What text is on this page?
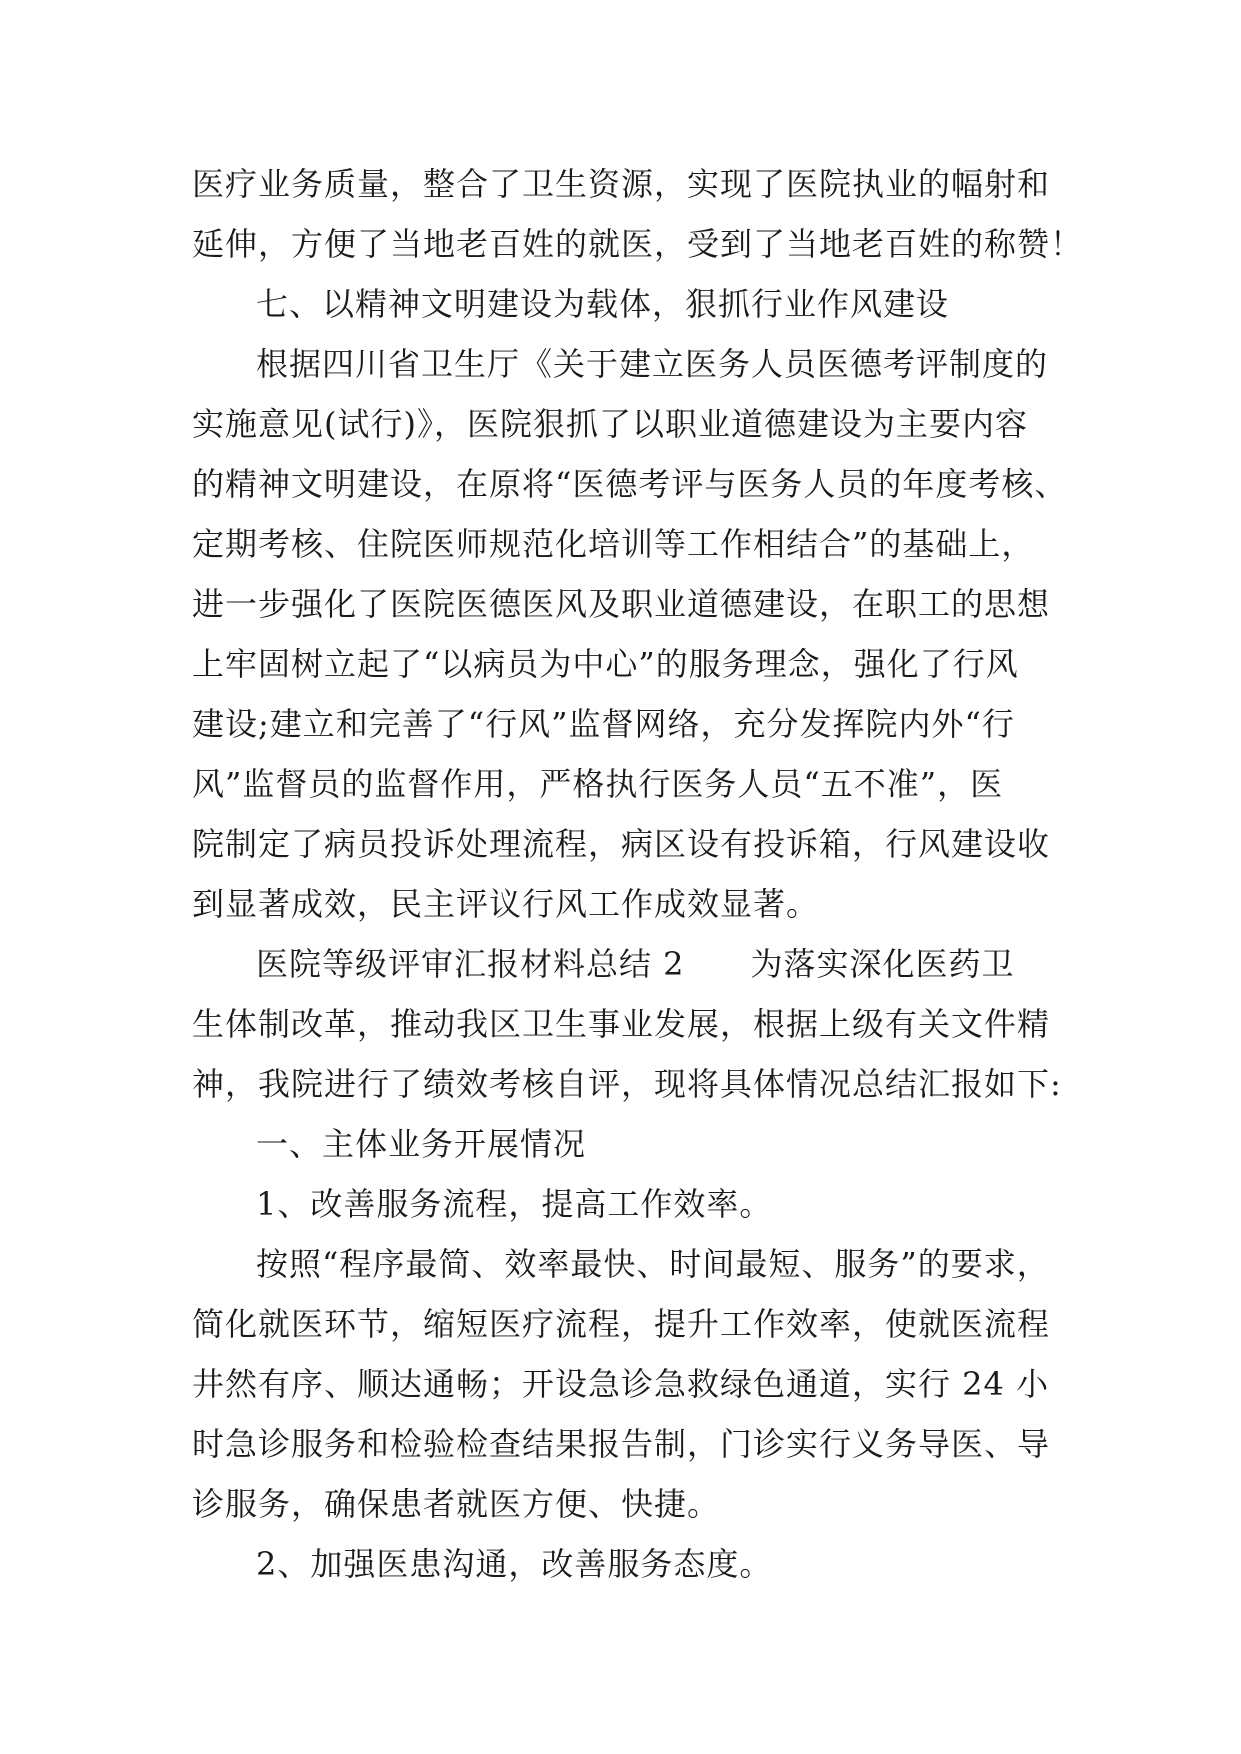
医疗业务质量，整合了卫生资源，实现了医院执业的幅射和
延伸，方便了当地老百姓的就医，受到了当地老百姓的称赞！
七、以精神文明建设为载体，狠抓行业作风建设
根据四川省卫生厅《关于建立医务人员医德考评制度的
实施意见(试行)》，医院狠抓了以职业道德建设为主要内容
的精神文明建设，在原将“医德考评与医务人员的年度考核、
定期考核、住院医师规范化培训等工作相结合”的基础上，
进一步强化了医院医德医风及职业道德建设，在职工的思想
上牢固树立起了“以病员为中心”的服务理念，强化了行风
建设;建立和完善了“行风”监督网络，充分发挥院内外“行
风”监督员的监督作用，严格执行医务人员“五不准”，医
院制定了病员投诉处理流程，病区设有投诉箱，行风建设收
到显著成效，民主评议行风工作成效显著。
医院等级评审汇报材料总结 2　　为落实深化医药卫
生体制改革，推动我区卫生事业发展，根据上级有关文件精
神，我院进行了绩效考核自评，现将具体情况总结汇报如下:
一、主体业务开展情况
1、改善服务流程，提高工作效率。
按照“程序最简、效率最快、时间最短、服务”的要求，
简化就医环节，缩短医疗流程，提升工作效率，使就医流程
井然有序、顺达通畅；开设急诊急救绿色通道，实行 24 小
时急诊服务和检验检查结果报告制，门诊实行义务导医、导
诊服务，确保患者就医方便、快捷。
2、加强医患沟通，改善服务态度。
